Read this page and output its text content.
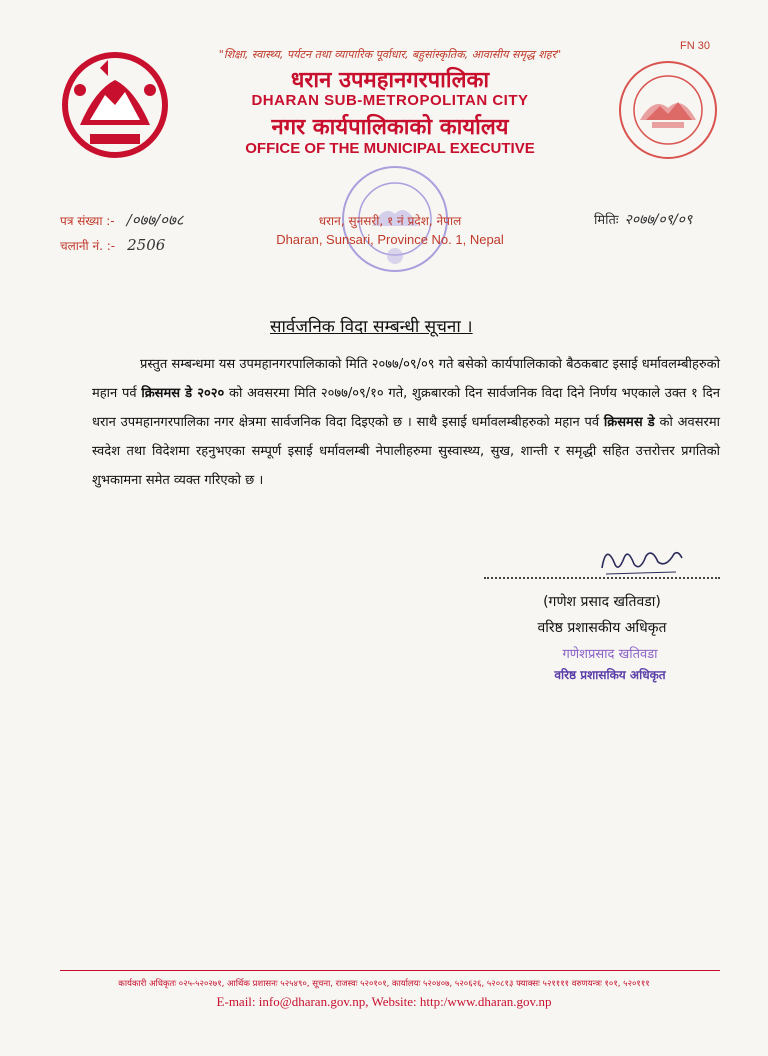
FN 30
"शिक्षा, स्वास्थ्य, पर्यटन तथा व्यापारिक पूर्वाधार, बहुसांस्कृतिक, आवासीय समृद्ध शहर"
धरान उपमहानगरपालिका
DHARAN SUB-METROPOLITAN CITY
नगर कार्यपालिकाको कार्यालय
OFFICE OF THE MUNICIPAL EXECUTIVE
पत्र संख्या :- /०७७/०७८
चलानी नं. :- 2506
धरान, सुनसरी, १ नं प्रदेश, नेपाल
Dharan, Sunsari, Province No. 1, Nepal
मितिः २०७७/०९/०९
सार्वजनिक विदा सम्बन्धी सूचना ।
प्रस्तुत सम्बन्धमा यस उपमहानगरपालिकाको मिति २०७७/०९/०९ गते बसेको कार्यपालिकाको बैठकबाट इसाई धर्मावलम्बीहरुको महान पर्व क्रिसमस डे २०२० को अवसरमा मिति २०७७/०९/१० गते, शुक्रबारको दिन सार्वजनिक विदा दिने निर्णय भएकाले उक्त १ दिन धरान उपमहानगरपालिका नगर क्षेत्रमा सार्वजनिक विदा दिइएको छ । साथै इसाई धर्मावलम्बीहरुको महान पर्व क्रिसमस डे को अवसरमा स्वदेश तथा विदेशमा रहनुभएका सम्पूर्ण इसाई धर्मावलम्बी नेपालीहरुमा सुस्वास्थ्य, सुख, शान्ती र समृद्धी सहित उत्तरोत्तर प्रगतिको शुभकामना समेत व्यक्त गरिएको छ ।
(गणेश प्रसाद खतिवडा)
वरिष्ठ प्रशासकीय अधिकृत
गणेशप्रसाद खतिवडा
वरिष्ठ प्रशासकिय अधिकृत
कार्यकारी अधिकृतः ०२५-५२०२७१, आर्थिक प्रशासनः ५२५४९०, सूचना, राजस्वः ५२०१०१, कार्यालयः ५२०४०७, ५२०६२६, ५२०८१३ फ्याक्सः ५२११११ वरुणयन्त्रः १०१, ५२०१११
E-mail: info@dharan.gov.np, Website: http:/www.dharan.gov.np
